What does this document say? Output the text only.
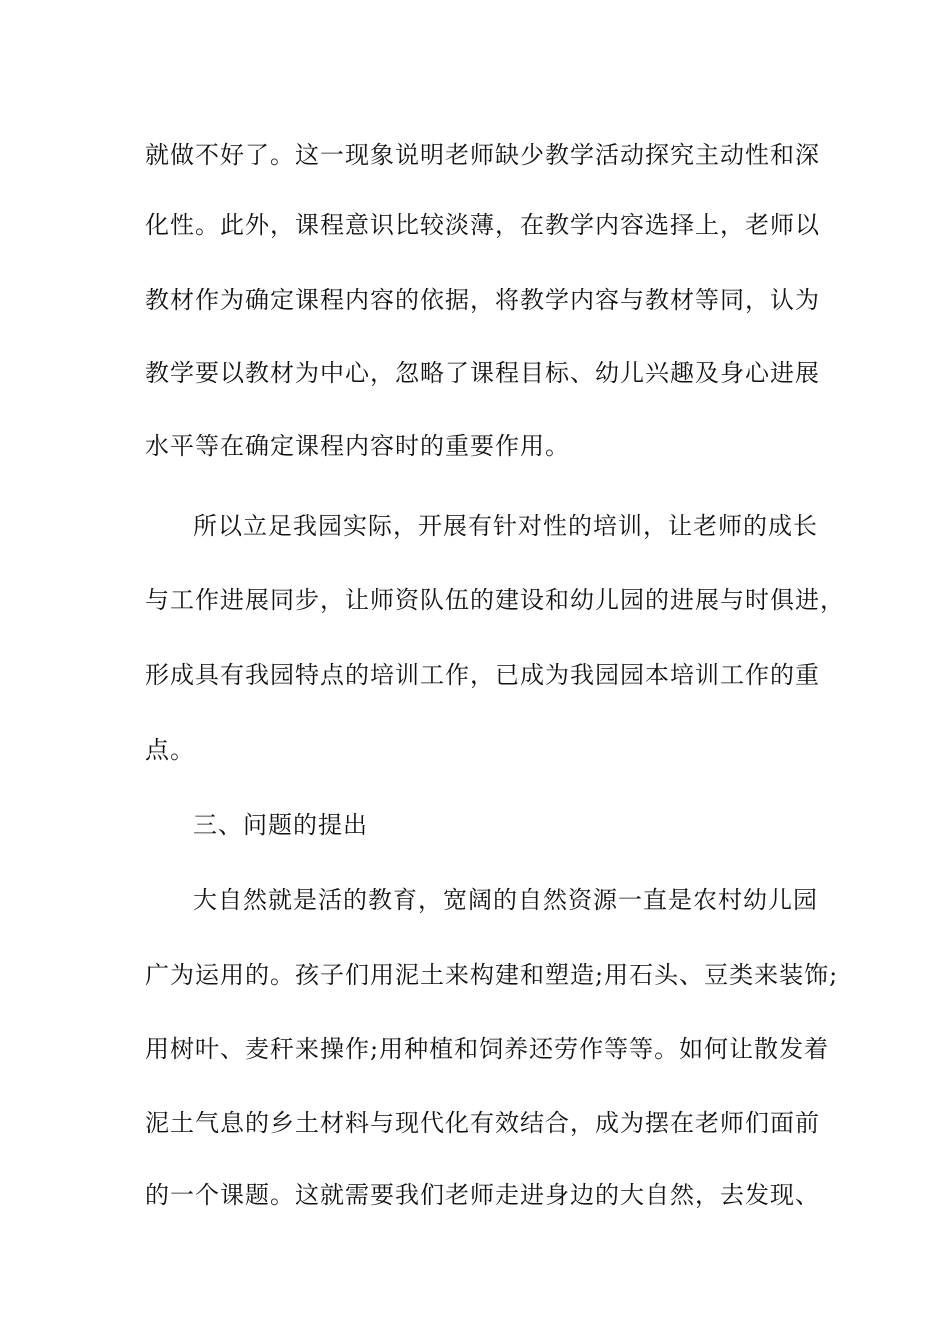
就做不好了。这一现象说明老师缺少教学活动探究主动性和深
化性。此外，课程意识比较淡薄，在教学内容选择上，老师以
教材作为确定课程内容的依据，将教学内容与教材等同，认为
教学要以教材为中心，忽略了课程目标、幼儿兴趣及身心进展
水平等在确定课程内容时的重要作用。
所以立足我园实际，开展有针对性的培训，让老师的成长
与工作进展同步，让师资队伍的建设和幼儿园的进展与时俱进，
形成具有我园特点的培训工作，已成为我园园本培训工作的重
点。
三、问题的提出
大自然就是活的教育，宽阔的自然资源一直是农村幼儿园
广为运用的。孩子们用泥土来构建和塑造;用石头、豆类来装饰;
用树叶、麦秆来操作;用种植和饲养还劳作等等。如何让散发着
泥土气息的乡土材料与现代化有效结合，成为摆在老师们面前
的一个课题。这就需要我们老师走进身边的大自然，去发现、
